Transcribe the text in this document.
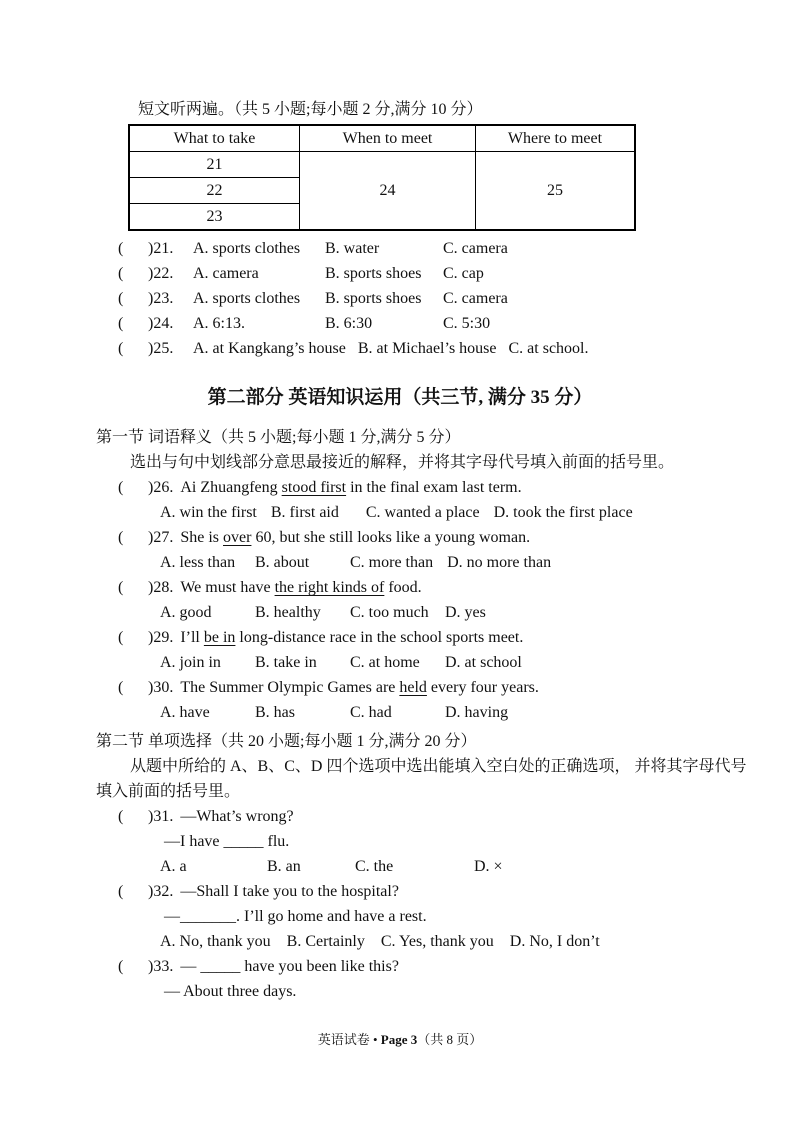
短文听两遍。（共 5 小题;每小题 2 分,满分 10 分）
What to take	When to meet	Where to meet
21	24	25
22		
23		
( )21. A. sports clothes B. water	C. camera
( )22. A. camera	B. sports shoes C. cap
( )23. A. sports clothes B. sports shoes C. camera
( )24. A. 6:13.	B. 6:30	C. 5:30
( )25. A. at Kangkang’s house B. at Michael’s house C. at school.
第二部分 英语知识运用（共三节, 满分 35 分）
第一节 词语释义（共 5 小题;每小题 1 分,满分 5 分）
选出与句中划线部分意思最接近的解释，并将其字母代号填入前面的括号里。
( )26. Ai Zhuangfeng stood first in the final exam last term.
A. win the first B. first aid C. wanted a place D. took the first place
( )27. She is over 60, but she still looks like a young woman.
A. less than B. about	C. more than D. no more than
( )28. We must have the right kinds of food.
A. good	B. healthy C. too much D. yes
( )29. I’ll be in long-distance race in the school sports meet.
A. join in B. take in C. at home D. at school
( )30. The Summer Olympic Games are held every four years.
A. have	B. has	C. had	D. having
第二节 单项选择（共 20 小题;每小题 1 分,满分 20 分）
从题中所给的 A、B、C、D 四个选项中选出能填入空白处的正确选项， 并将其字母代号
填入前面的括号里。
( )31. —What’s wrong?
—I have _____ flu.
A. a	B. an	C. the	D. ×
( )32. —Shall I take you to the hospital?
—_______. I’ll go home and have a rest.
A. No, thank you B. Certainly C. Yes, thank you D. No, I don’t
( )33. — _____ have you been like this?
— About three days.
英语试卷 • Page 3（共 8 页）
